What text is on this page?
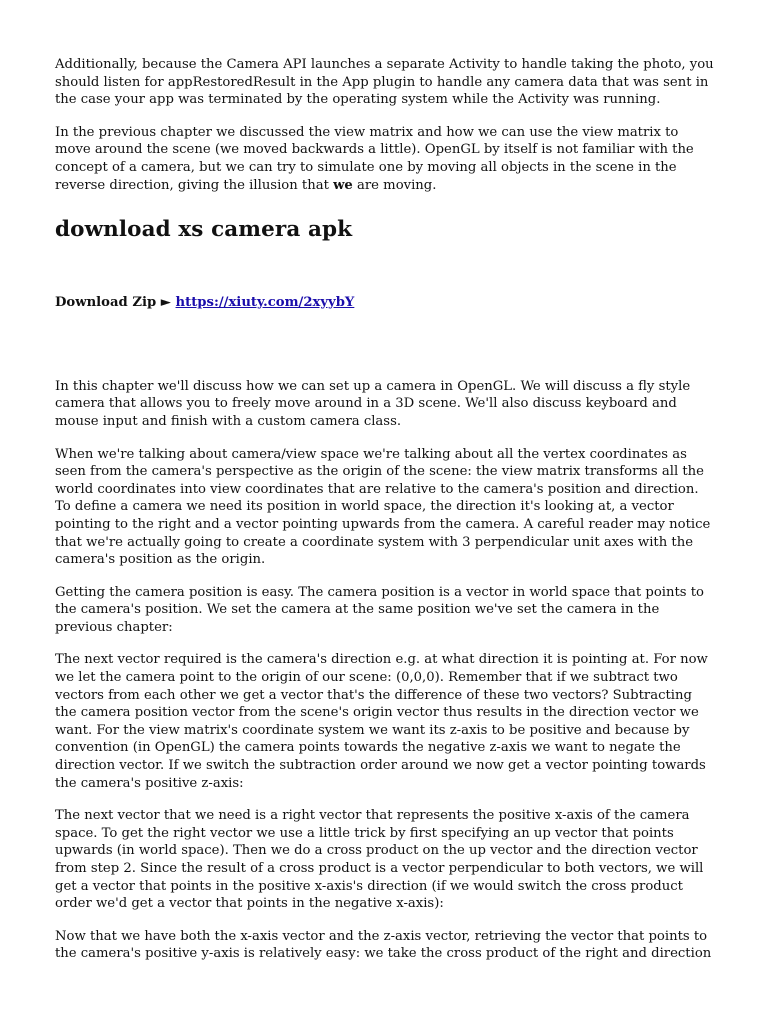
Additionally, because the Camera API launches a separate Activity to handle taking the photo, you should listen for appRestoredResult in the App plugin to handle any camera data that was sent in the case your app was terminated by the operating system while the Activity was running.

In the previous chapter we discussed the view matrix and how we can use the view matrix to move around the scene (we moved backwards a little). OpenGL by itself is not familiar with the concept of a camera, but we can try to simulate one by moving all objects in the scene in the reverse direction, giving the illusion that we are moving.

download xs camera apk
Download Zip ► https://xiuty.com/2xyybY

In this chapter we'll discuss how we can set up a camera in OpenGL. We will discuss a fly style camera that allows you to freely move around in a 3D scene. We'll also discuss keyboard and mouse input and finish with a custom camera class.

When we're talking about camera/view space we're talking about all the vertex coordinates as seen from the camera's perspective as the origin of the scene: the view matrix transforms all the world coordinates into view coordinates that are relative to the camera's position and direction. To define a camera we need its position in world space, the direction it's looking at, a vector pointing to the right and a vector pointing upwards from the camera. A careful reader may notice that we're actually going to create a coordinate system with 3 perpendicular unit axes with the camera's position as the origin.

Getting the camera position is easy. The camera position is a vector in world space that points to the camera's position. We set the camera at the same position we've set the camera in the previous chapter:

The next vector required is the camera's direction e.g. at what direction it is pointing at. For now we let the camera point to the origin of our scene: (0,0,0). Remember that if we subtract two vectors from each other we get a vector that's the difference of these two vectors? Subtracting the camera position vector from the scene's origin vector thus results in the direction vector we want. For the view matrix's coordinate system we want its z-axis to be positive and because by convention (in OpenGL) the camera points towards the negative z-axis we want to negate the direction vector. If we switch the subtraction order around we now get a vector pointing towards the camera's positive z-axis:

The next vector that we need is a right vector that represents the positive x-axis of the camera space. To get the right vector we use a little trick by first specifying an up vector that points upwards (in world space). Then we do a cross product on the up vector and the direction vector from step 2. Since the result of a cross product is a vector perpendicular to both vectors, we will get a vector that points in the positive x-axis's direction (if we would switch the cross product order we'd get a vector that points in the negative x-axis):

Now that we have both the x-axis vector and the z-axis vector, retrieving the vector that points to the camera's positive y-axis is relatively easy: we take the cross product of the right and direction
